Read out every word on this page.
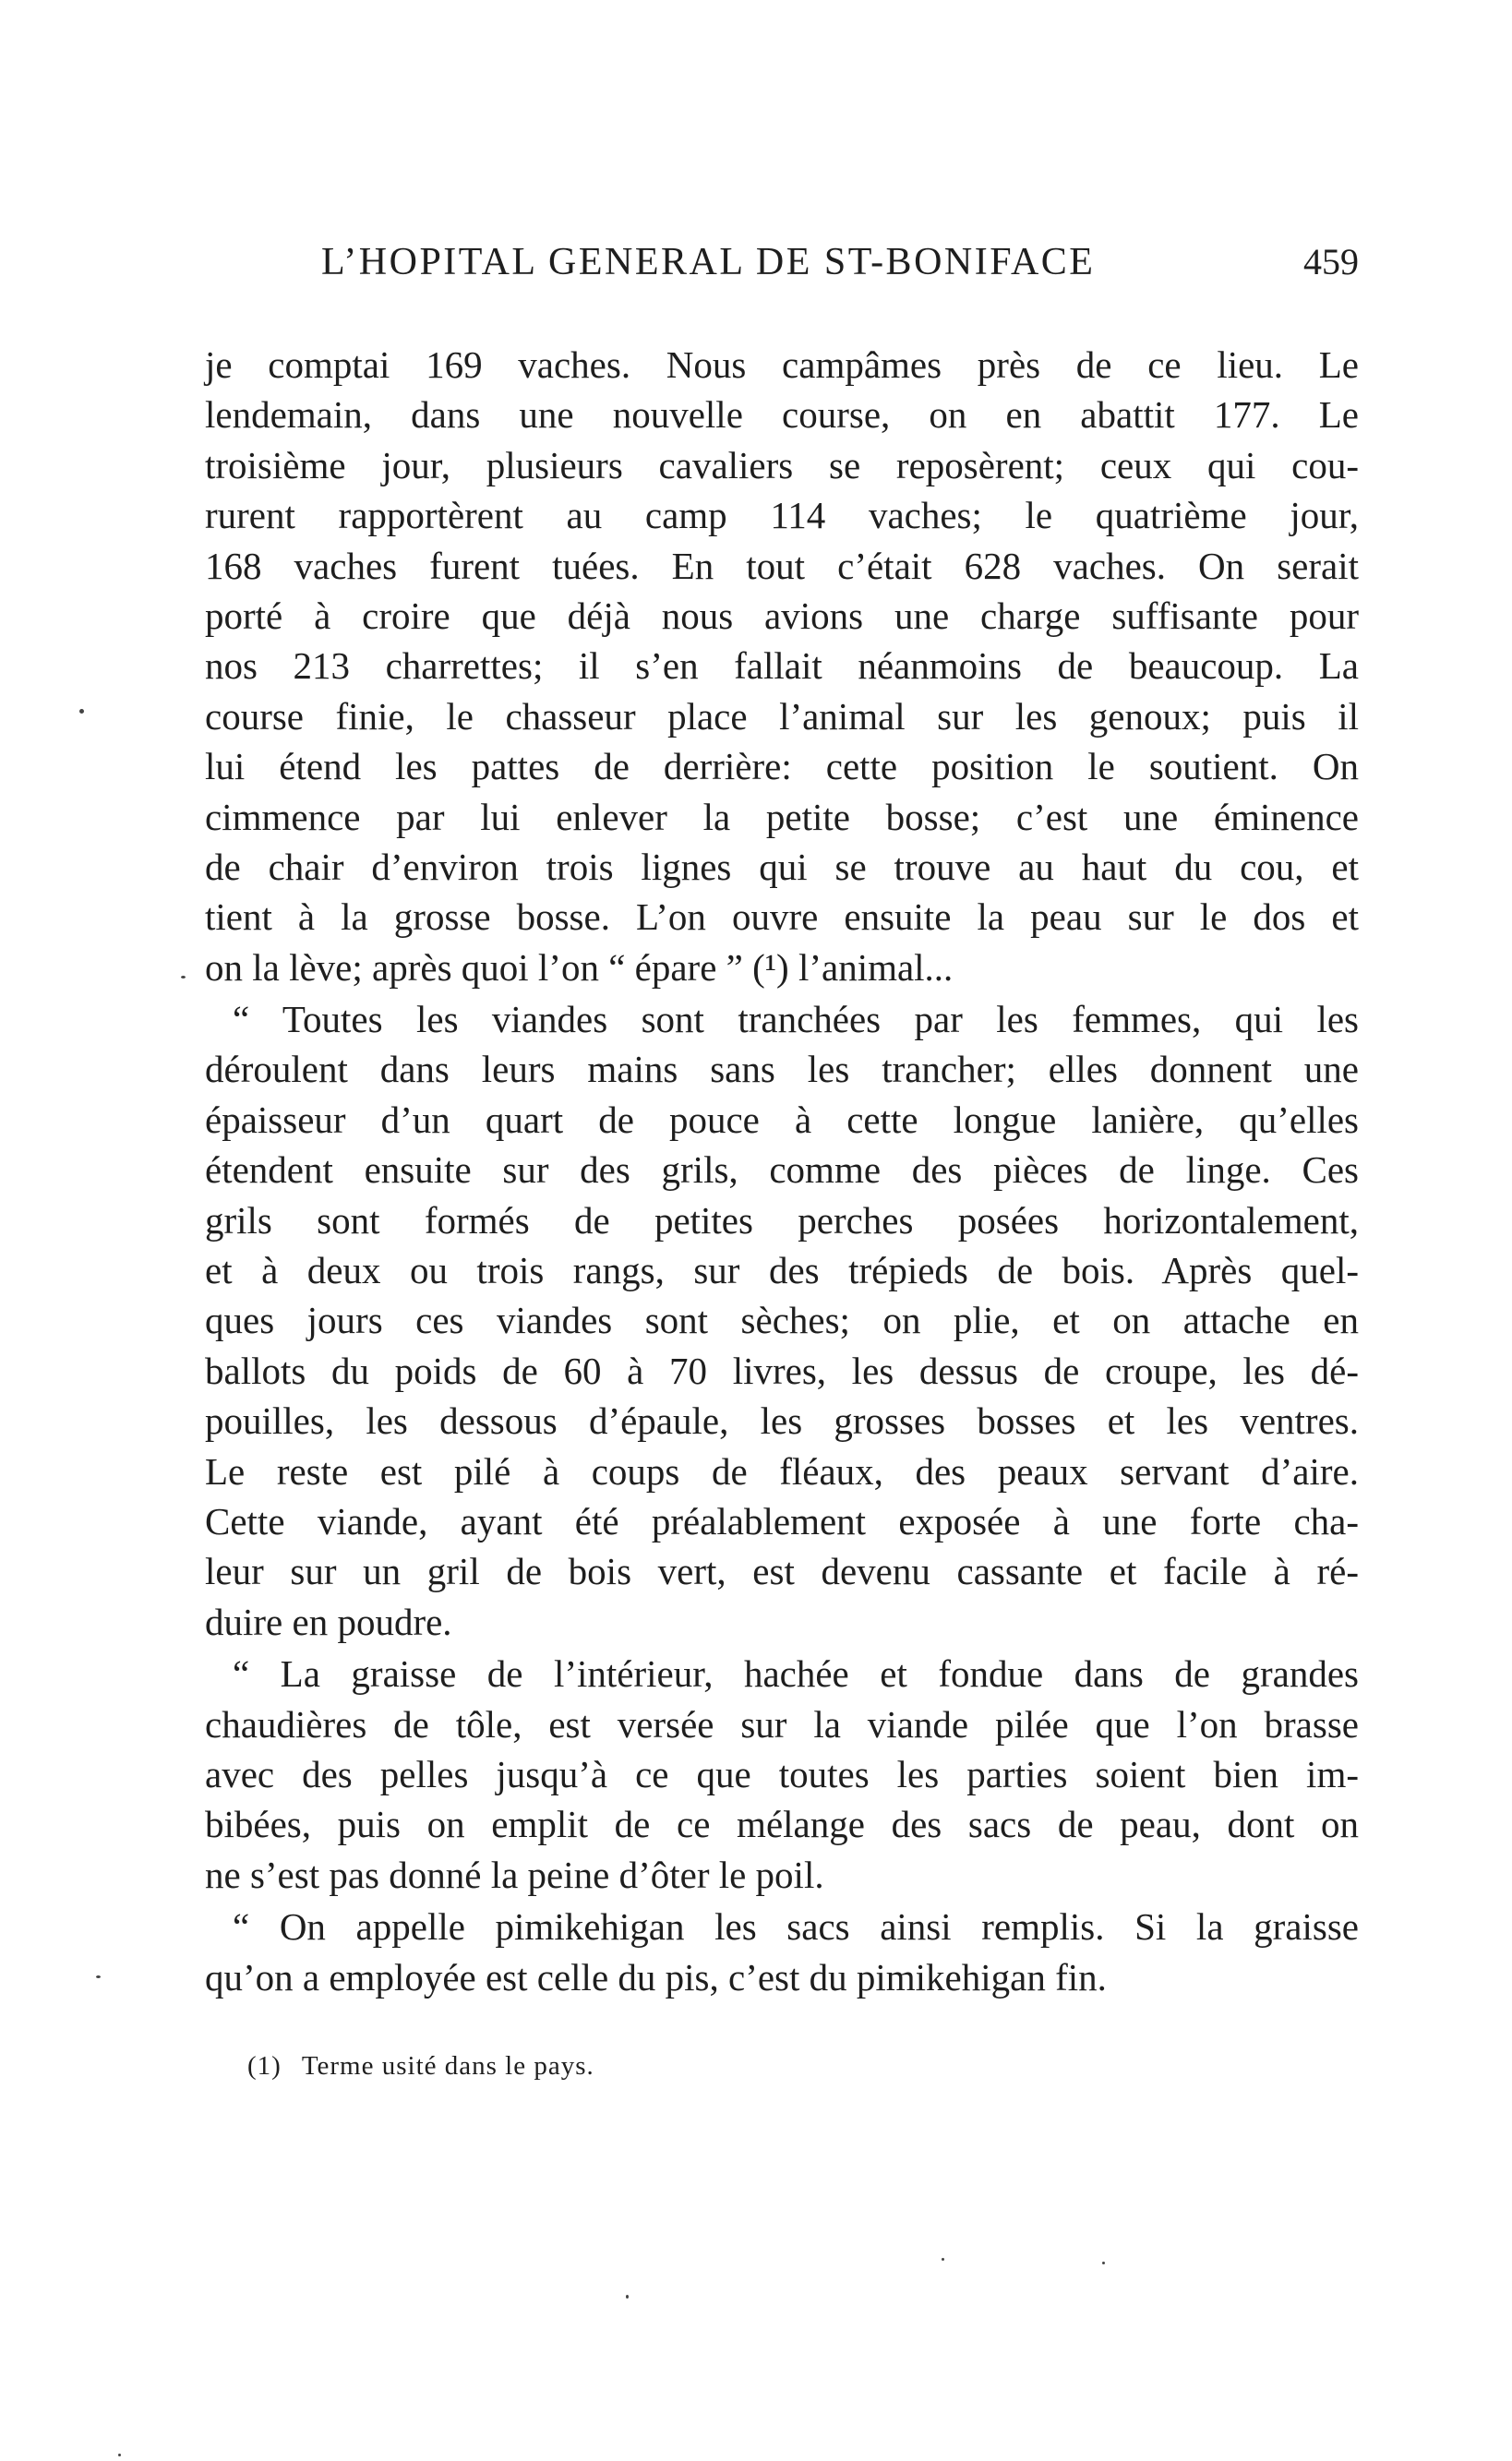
L’HOPITAL GENERAL DE ST-BONIFACE	459
je comptai 169 vaches. Nous campâmes près de ce lieu. Le
lendemain, dans une nouvelle course, on en abattit 177. Le
troisième jour, plusieurs cavaliers se reposèrent; ceux qui cou-
rurent rapportèrent au camp 114 vaches; le quatrième jour,
168 vaches furent tuées. En tout c’était 628 vaches. On serait
porté à croire que déjà nous avions une charge suffisante pour
nos 213 charrettes; il s’en fallait néanmoins de beaucoup. La
course finie, le chasseur place l’animal sur les genoux; puis il
lui étend les pattes de derrière: cette position le soutient. On
cimmence par lui enlever la petite bosse; c’est une éminence
de chair d’environ trois lignes qui se trouve au haut du cou, et
tient à la grosse bosse. L’on ouvre ensuite la peau sur le dos et
on la lève; après quoi l’on “ épare ” (¹) l’animal...
“ Toutes les viandes sont tranchées par les femmes, qui les
déroulent dans leurs mains sans les trancher; elles donnent une
épaisseur d’un quart de pouce à cette longue lanière, qu’elles
étendent ensuite sur des grils, comme des pièces de linge. Ces
grils sont formés de petites perches posées horizontalement,
et à deux ou trois rangs, sur des trépieds de bois. Après quel-
ques jours ces viandes sont sèches; on plie, et on attache en
ballots du poids de 60 à 70 livres, les dessus de croupe, les dé-
pouilles, les dessous d’épaule, les grosses bosses et les ventres.
Le reste est pilé à coups de fléaux, des peaux servant d’aire.
Cette viande, ayant été préalablement exposée à une forte cha-
leur sur un gril de bois vert, est devenu cassante et facile à ré-
duire en poudre.
“ La graisse de l’intérieur, hachée et fondue dans de grandes
chaudières de tôle, est versée sur la viande pilée que l’on brasse
avec des pelles jusqu’à ce que toutes les parties soient bien im-
bibées, puis on emplit de ce mélange des sacs de peau, dont on
ne s’est pas donné la peine d’ôter le poil.
“ On appelle pimikehigan les sacs ainsi remplis. Si la graisse
qu’on a employée est celle du pis, c’est du pimikehigan fin.
(1) Terme usité dans le pays.
